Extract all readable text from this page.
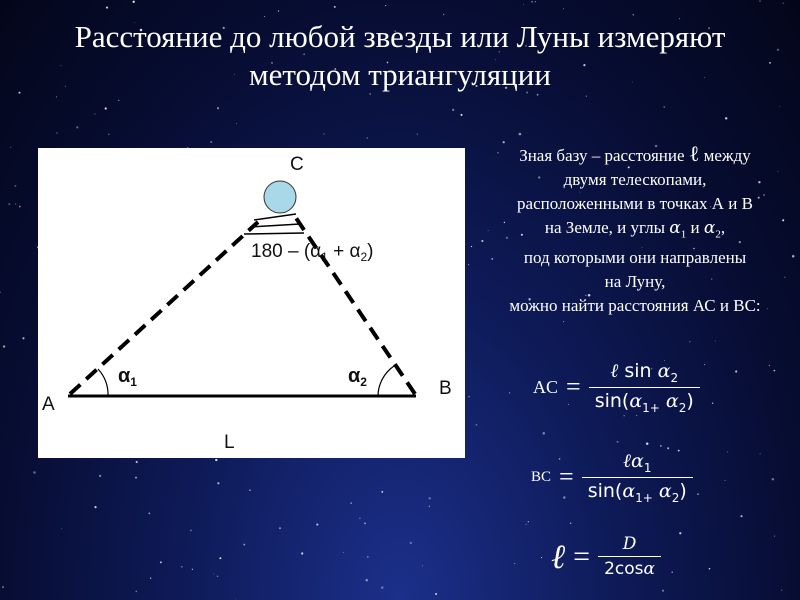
Расстояние до любой звезды или Луны измеряют
методом триангуляции
C
A
B
L
$\alpha_1$	$\alpha_2$
$180 - (\alpha_1 + \alpha_2)$
Зная базу – расстояние ℓ между
двумя телескопами,
расположенными в точках А и В
на Земле, и углы $\alpha_1$ и $\alpha_2$,
под которыми они направлены
на Луну,
можно найти расстояния АС и ВС:
AC = $\frac{\ell \sin \alpha_2}{\sin(\alpha_{1+} \alpha_2)}$
BC = $\frac{\ell\alpha_1}{\sin(\alpha_{1+} \alpha_2)}$
ℓ = $\frac{D}{2\cos\alpha}$
